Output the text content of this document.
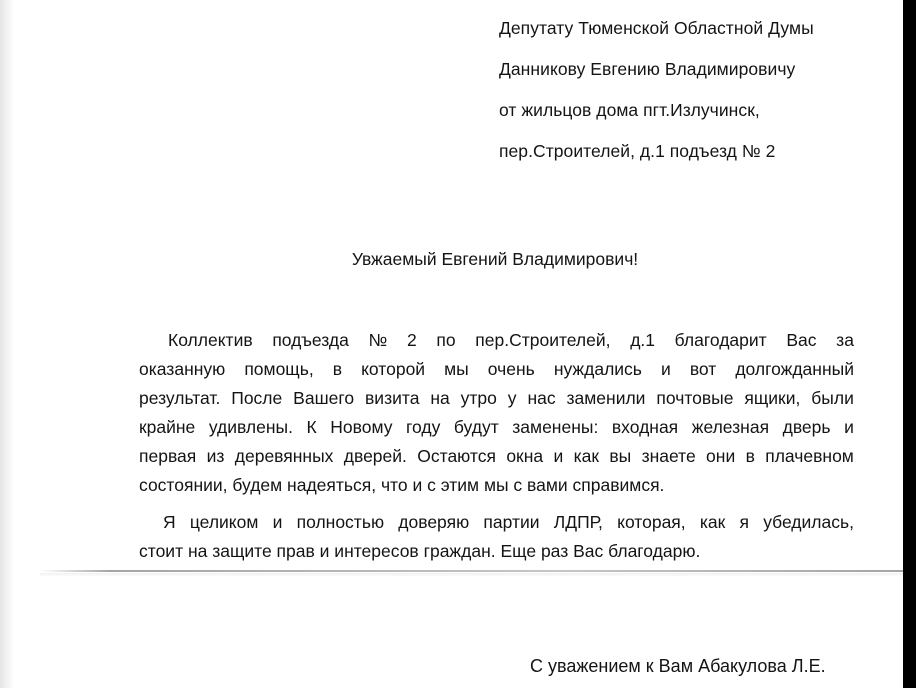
Депутату Тюменской Областной Думы
Данникову Евгению Владимировичу
от жильцов дома пгт.Излучинск,
пер.Строителей, д.1 подъезд № 2
Увжаемый Евгений Владимирович!
Коллектив подъезда № 2 по пер.Строителей, д.1 благодарит Вас за
оказанную помощь, в которой мы очень нуждались и вот долгожданный
результат. После Вашего визита на утро у нас заменили почтовые ящики, были
крайне удивлены. К Новому году будут заменены: входная железная дверь и
первая из деревянных дверей. Остаются окна и как вы знаете они в плачевном
состоянии, будем надеяться, что и с этим мы с вами справимся.
Я целиком и полностью доверяю партии ЛДПР, которая, как я убедилась,
стоит на защите прав и интересов граждан. Еще раз Вас благодарю.
С уважением к Вам Абакулова Л.Е.
